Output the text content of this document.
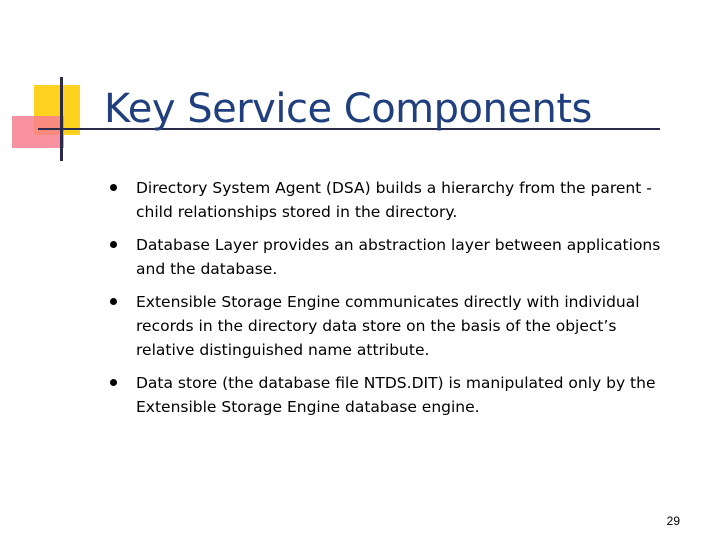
Key Service Components
Directory System Agent (DSA) builds a hierarchy from the parent -child relationships stored in the directory.
Database Layer provides an abstraction layer between applications and the database.
Extensible Storage Engine communicates directly with individual records in the directory data store on the basis of the object’s relative distinguished name attribute.
Data store (the database file NTDS.DIT) is manipulated only by the Extensible Storage Engine database engine.
29
